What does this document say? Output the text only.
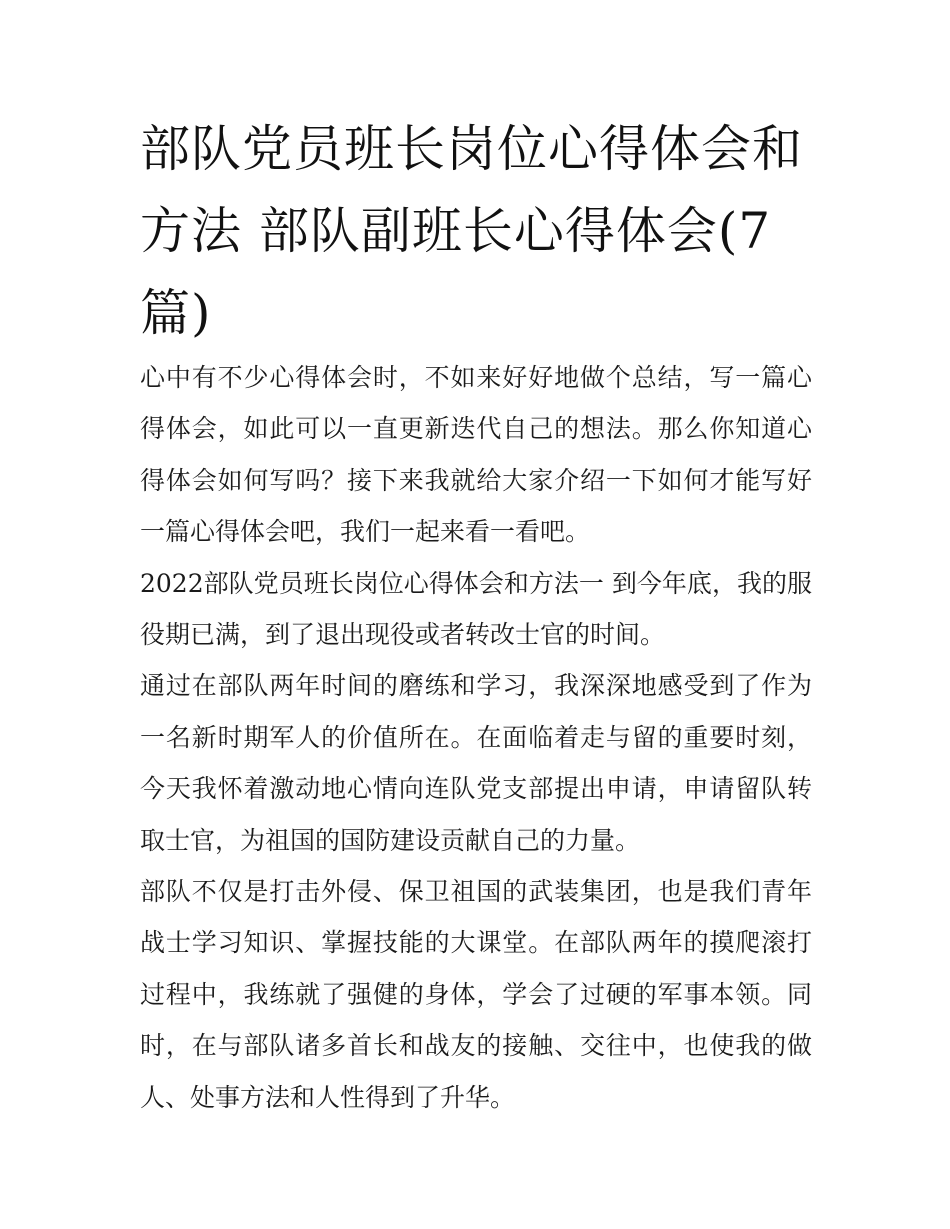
部队党员班长岗位心得体会和方法 部队副班长心得体会(7篇)

心中有不少心得体会时，不如来好好地做个总结，写一篇心得体会，如此可以一直更新迭代自己的想法。那么你知道心得体会如何写吗？接下来我就给大家介绍一下如何才能写好一篇心得体会吧，我们一起来看一看吧。

2022部队党员班长岗位心得体会和方法一 到今年底，我的服役期已满，到了退出现役或者转改士官的时间。

通过在部队两年时间的磨练和学习，我深深地感受到了作为一名新时期军人的价值所在。在面临着走与留的重要时刻，今天我怀着激动地心情向连队党支部提出申请，申请留队转取士官，为祖国的国防建设贡献自己的力量。

部队不仅是打击外侵、保卫祖国的武装集团，也是我们青年战士学习知识、掌握技能的大课堂。在部队两年的摸爬滚打过程中，我练就了强健的身体，学会了过硬的军事本领。同时，在与部队诸多首长和战友的接触、交往中，也使我的做人、处事方法和人性得到了升华。
